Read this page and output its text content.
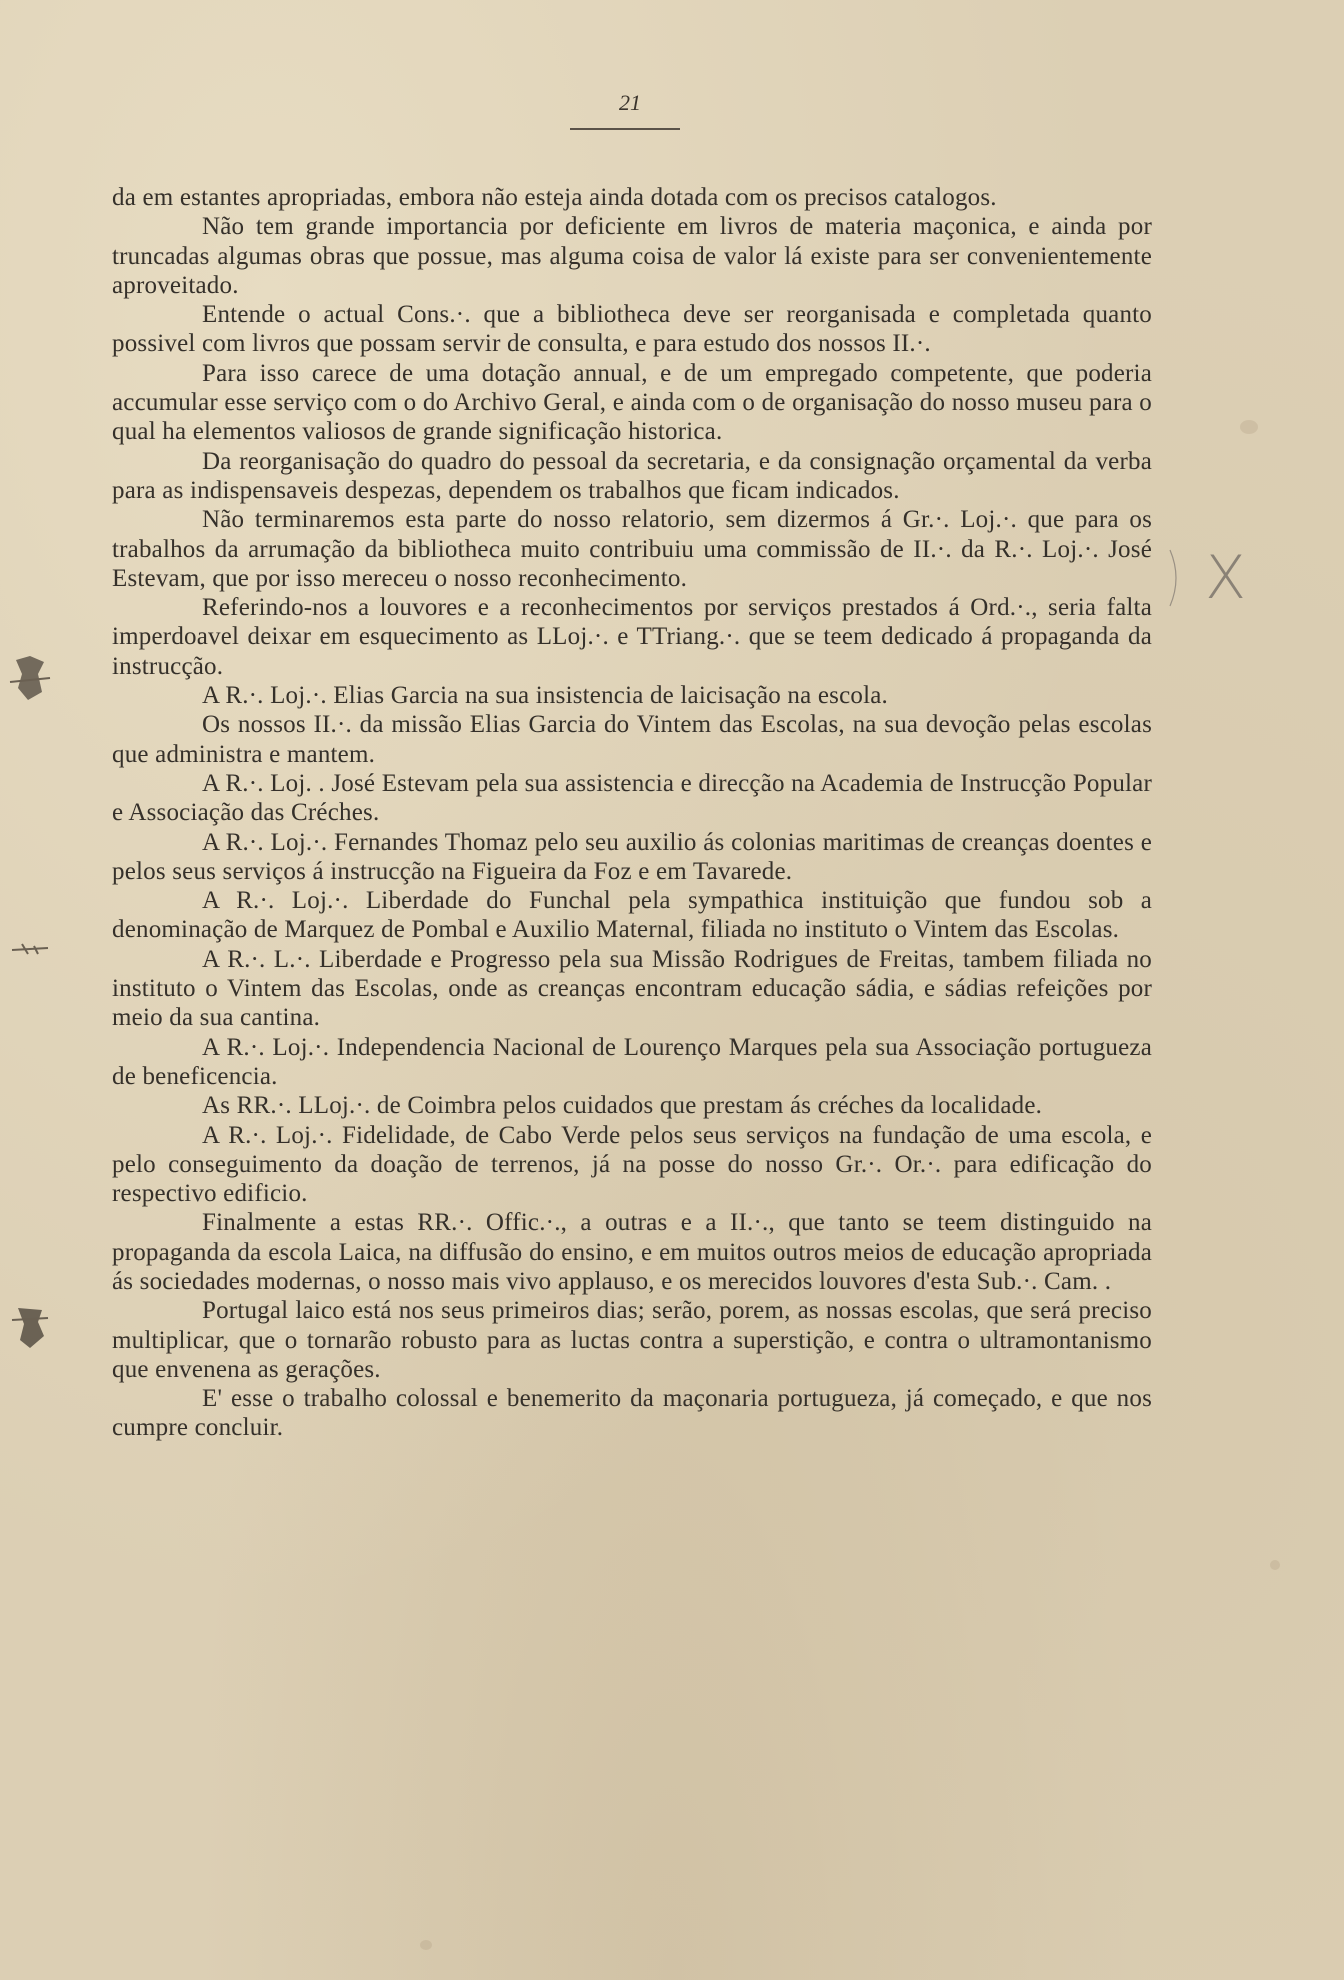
21
X

da em estantes apropriadas, embora não esteja ainda dotada com os precisos catalogos.

Não tem grande importancia por deficiente em livros de materia maçonica, e ainda por truncadas algumas obras que possue, mas alguma coisa de valor lá existe para ser convenientemente aproveitado.

Entende o actual Cons.·. que a bibliotheca deve ser reorganisada e completada quanto possivel com livros que possam servir de consulta, e para estudo dos nossos II.·.

Para isso carece de uma dotação annual, e de um empregado competente, que poderia accumular esse serviço com o do Archivo Geral, e ainda com o de organisação do nosso museu para o qual ha elementos valiosos de grande significação historica.

Da reorganisação do quadro do pessoal da secretaria, e da consignação orçamental da verba para as indispensaveis despezas, dependem os trabalhos que ficam indicados.

Não terminaremos esta parte do nosso relatorio, sem dizermos á Gr.·. Loj.·. que para os trabalhos da arrumação da bibliotheca muito contribuiu uma commissão de II.·. da R.·. Loj.·. José Estevam, que por isso mereceu o nosso reconhecimento.

Referindo-nos a louvores e a reconhecimentos por serviços prestados á Ord.·., seria falta imperdoavel deixar em esquecimento as LLoj.·. e TTriang.·. que se teem dedicado á propaganda da instrucção.

A R.·. Loj.·. Elias Garcia na sua insistencia de laicisação na escola.

Os nossos II.·. da missão Elias Garcia do Vintem das Escolas, na sua devoção pelas escolas que administra e mantem.

A R.·. Loj. . José Estevam pela sua assistencia e direcção na Academia de Instrucção Popular e Associação das Créches.

A R.·. Loj.·. Fernandes Thomaz pelo seu auxilio ás colonias maritimas de creanças doentes e pelos seus serviços á instrucção na Figueira da Foz e em Tavarede.

A R.·. Loj.·. Liberdade do Funchal pela sympathica instituição que fundou sob a denominação de Marquez de Pombal e Auxilio Maternal, filiada no instituto o Vintem das Escolas.

A R.·. L.·. Liberdade e Progresso pela sua Missão Rodrigues de Freitas, tambem filiada no instituto o Vintem das Escolas, onde as creanças encontram educação sádia, e sádias refeições por meio da sua cantina.

A R.·. Loj.·. Independencia Nacional de Lourenço Marques pela sua Associação portugueza de beneficencia.

As RR.·. LLoj.·. de Coimbra pelos cuidados que prestam ás créches da localidade.

A R.·. Loj.·. Fidelidade, de Cabo Verde pelos seus serviços na fundação de uma escola, e pelo conseguimento da doação de terrenos, já na posse do nosso Gr.·. Or.·. para edificação do respectivo edificio.

Finalmente a estas RR.·. Offic.·., a outras e a II.·., que tanto se teem distinguido na propaganda da escola Laica, na diffusão do ensino, e em muitos outros meios de educação apropriada ás sociedades modernas, o nosso mais vivo applauso, e os merecidos louvores d'esta Sub.·. Cam. .

Portugal laico está nos seus primeiros dias; serão, porem, as nossas escolas, que será preciso multiplicar, que o tornarão robusto para as luctas contra a superstição, e contra o ultramontanismo que envenena as gerações.

E' esse o trabalho colossal e benemerito da maçonaria portugueza, já começado, e que nos cumpre concluir.
